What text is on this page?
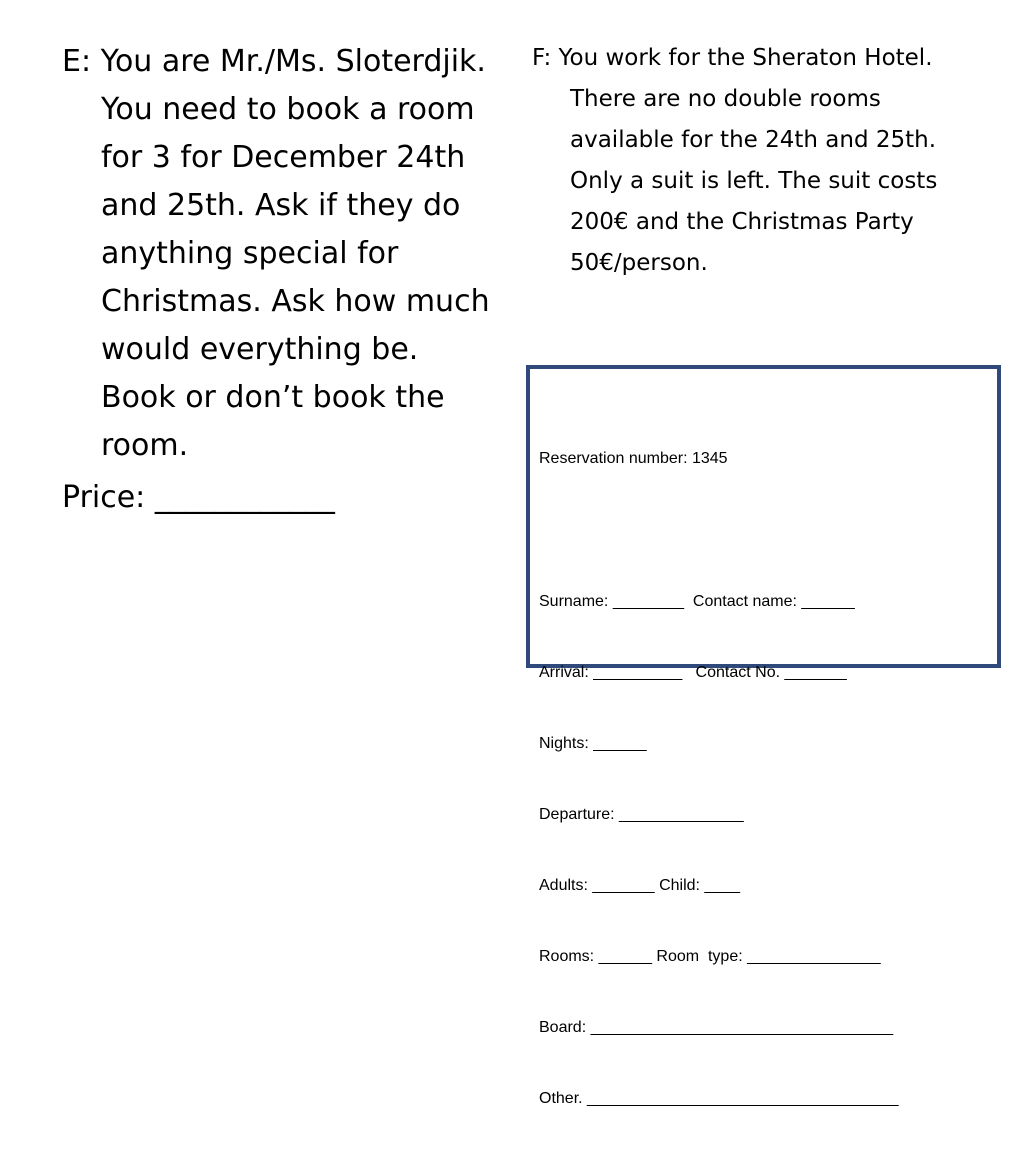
E: You are Mr./Ms. Sloterdjik. You need to book a room for 3 for December 24th and 25th. Ask if they do anything special for Christmas. Ask how much would everything be. Book or don’t book the room.

Price: ____________

F: You work for the Sheraton Hotel. There are no double rooms available for the 24th and 25th. Only a suit is left. The suit costs 200€ and the Christmas Party 50€/person.

Reservation number: 1345

Surname: ________  Contact name: ______

Arrival: __________   Contact No. _______

Nights: ______

Departure: ______________

Adults: _______ Child: ____

Rooms: ______ Room  type: _______________

Board: __________________________________

Other. ___________________________________
